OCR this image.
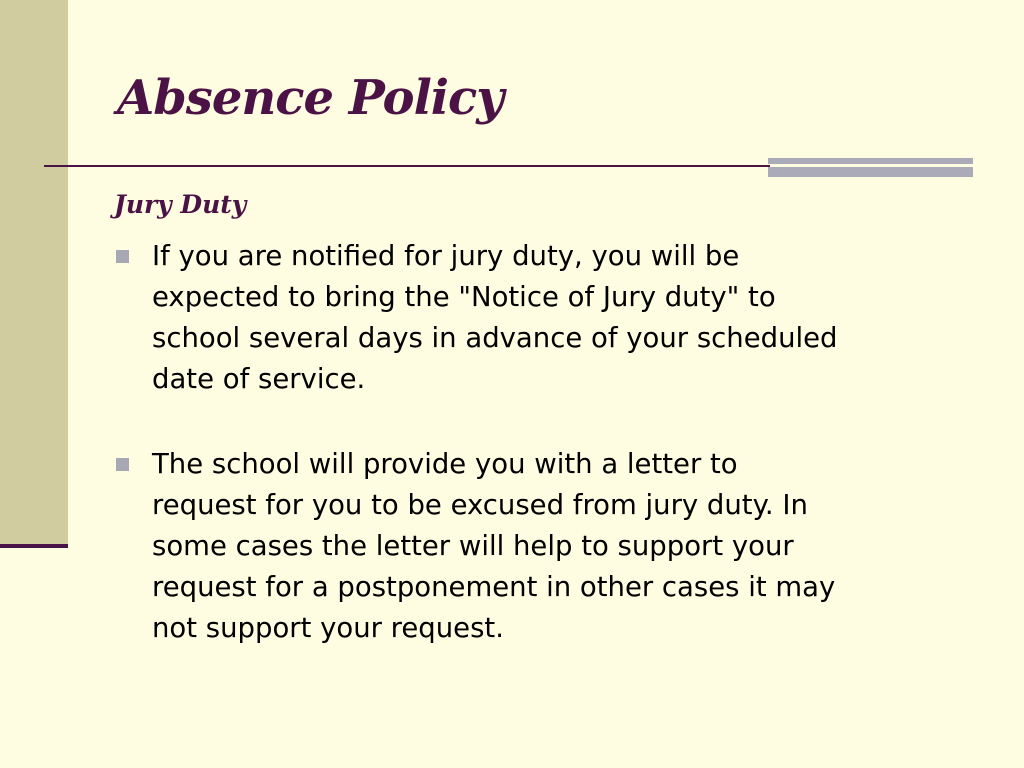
Absence Policy
Jury Duty
If you are notified for jury duty, you will be
expected to bring the "Notice of Jury duty" to
school several days in advance of your scheduled
date of service.
The school will provide you with a letter to
request for you to be excused from jury duty. In
some cases the letter will help to support your
request for a postponement in other cases it may
not support your request.
